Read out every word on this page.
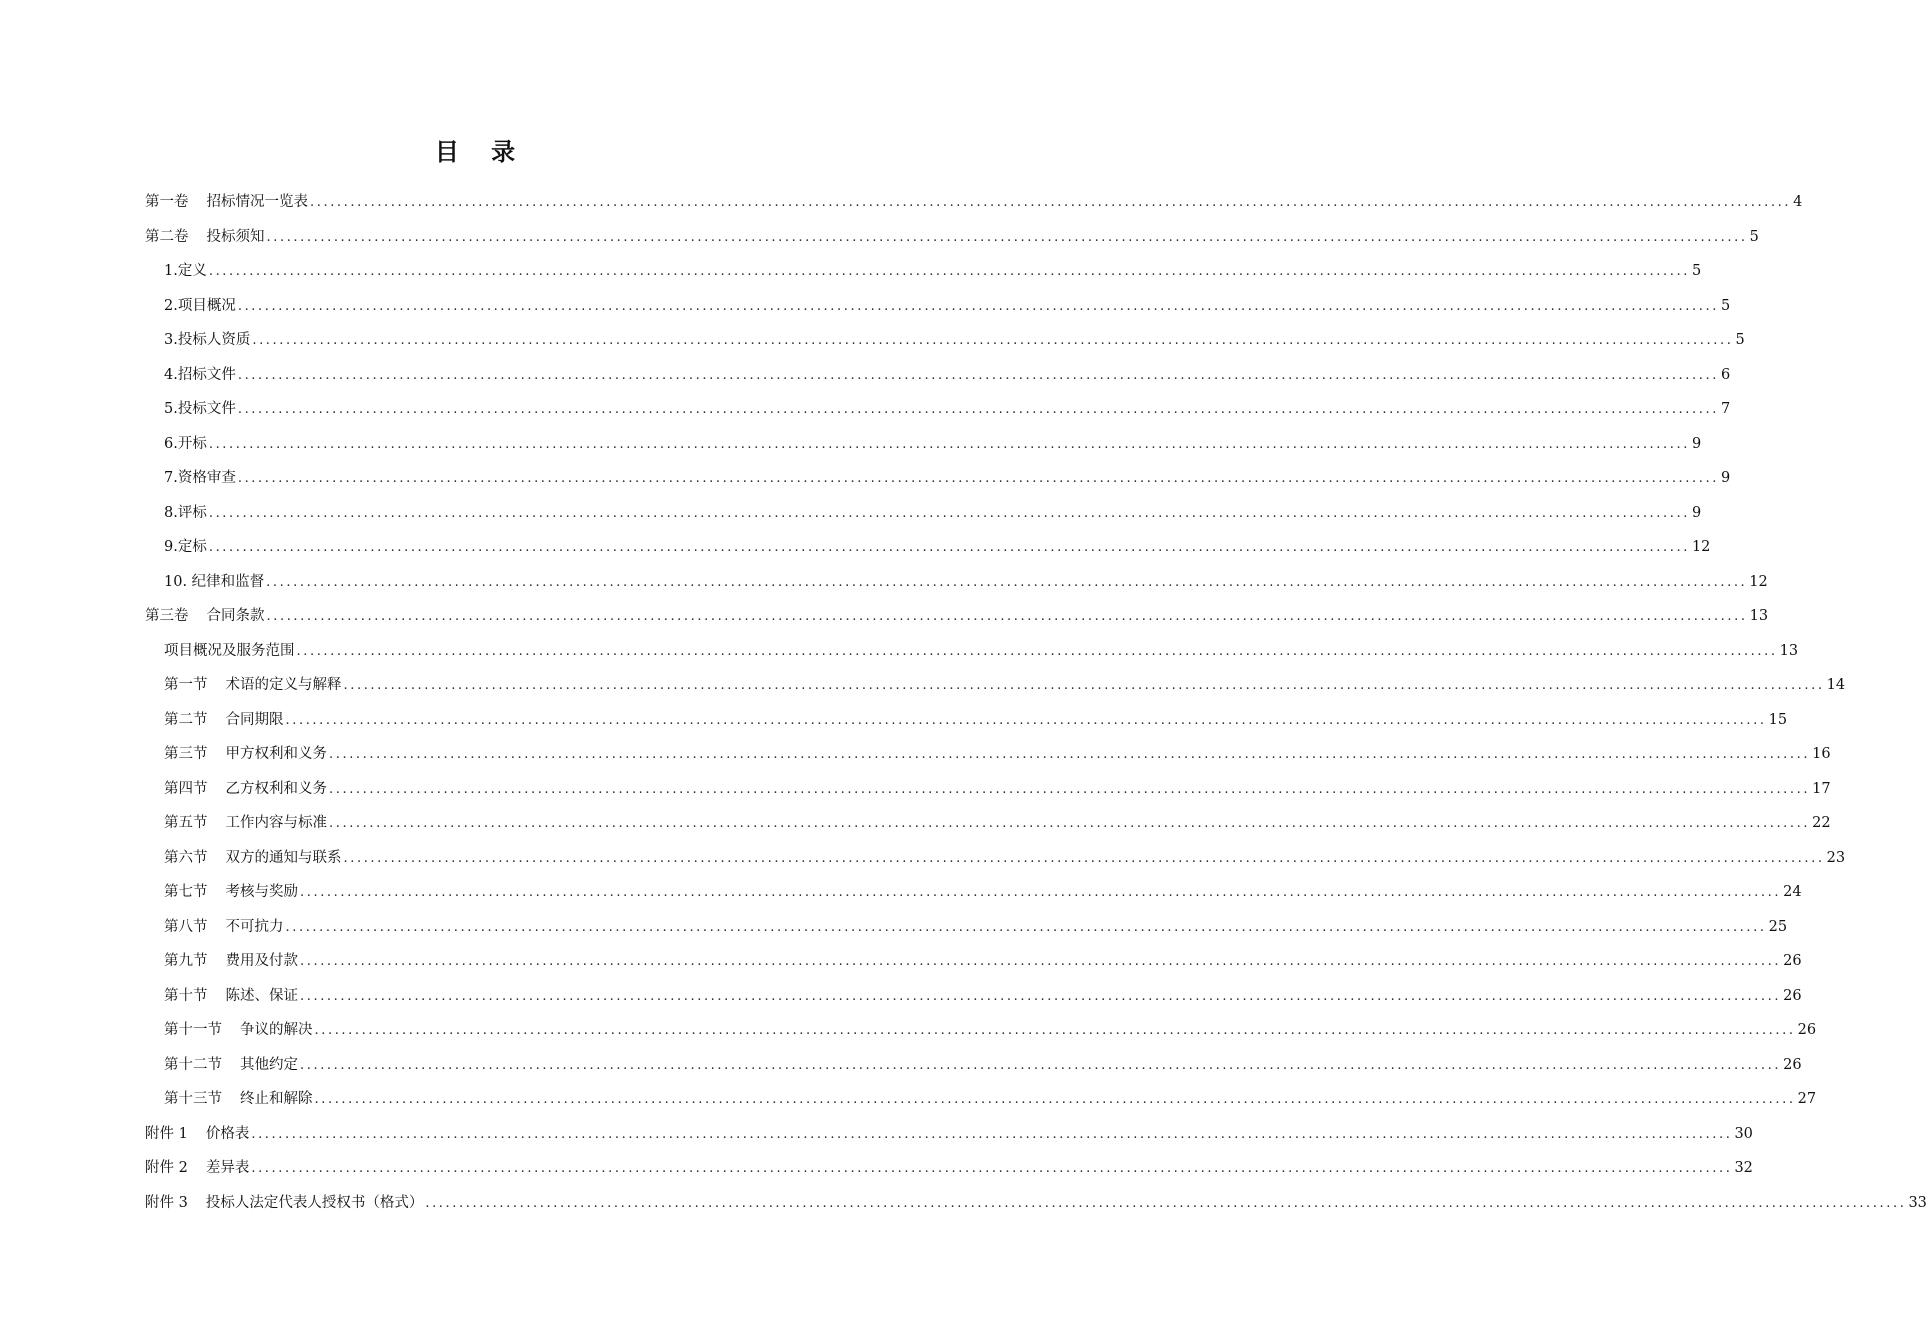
目 录
第一卷 招标情况一览表 ............................................................................................................................................................................................................................ 4
第二卷 投标须知 ............................................................................................................................................................................................................................ 5
1.定义 ............................................................................................................................................................................................................................ 5
2.项目概况 ............................................................................................................................................................................................................................ 5
3.投标人资质 ............................................................................................................................................................................................................................ 5
4.招标文件 ............................................................................................................................................................................................................................ 6
5.投标文件 ............................................................................................................................................................................................................................ 7
6.开标 ............................................................................................................................................................................................................................ 9
7.资格审查 ............................................................................................................................................................................................................................ 9
8.评标 ............................................................................................................................................................................................................................ 9
9.定标 ............................................................................................................................................................................................................................ 12
10. 纪律和监督 ............................................................................................................................................................................................................................ 12
第三卷 合同条款 ............................................................................................................................................................................................................................ 13
项目概况及服务范围 ............................................................................................................................................................................................................................ 13
第一节 术语的定义与解释 ............................................................................................................................................................................................................................ 14
第二节 合同期限 ............................................................................................................................................................................................................................ 15
第三节 甲方权利和义务 ............................................................................................................................................................................................................................ 16
第四节 乙方权利和义务 ............................................................................................................................................................................................................................ 17
第五节 工作内容与标准 ............................................................................................................................................................................................................................ 22
第六节 双方的通知与联系 ............................................................................................................................................................................................................................ 23
第七节 考核与奖励 ............................................................................................................................................................................................................................ 24
第八节 不可抗力 ............................................................................................................................................................................................................................ 25
第九节 费用及付款 ............................................................................................................................................................................................................................ 26
第十节 陈述、保证 ............................................................................................................................................................................................................................ 26
第十一节 争议的解决 ............................................................................................................................................................................................................................ 26
第十二节 其他约定 ............................................................................................................................................................................................................................ 26
第十三节 终止和解除 ............................................................................................................................................................................................................................ 27
附件 1 价格表 ............................................................................................................................................................................................................................ 30
附件 2 差异表 ............................................................................................................................................................................................................................ 32
附件 3 投标人法定代表人授权书（格式） ............................................................................................................................................................................................................................ 33
